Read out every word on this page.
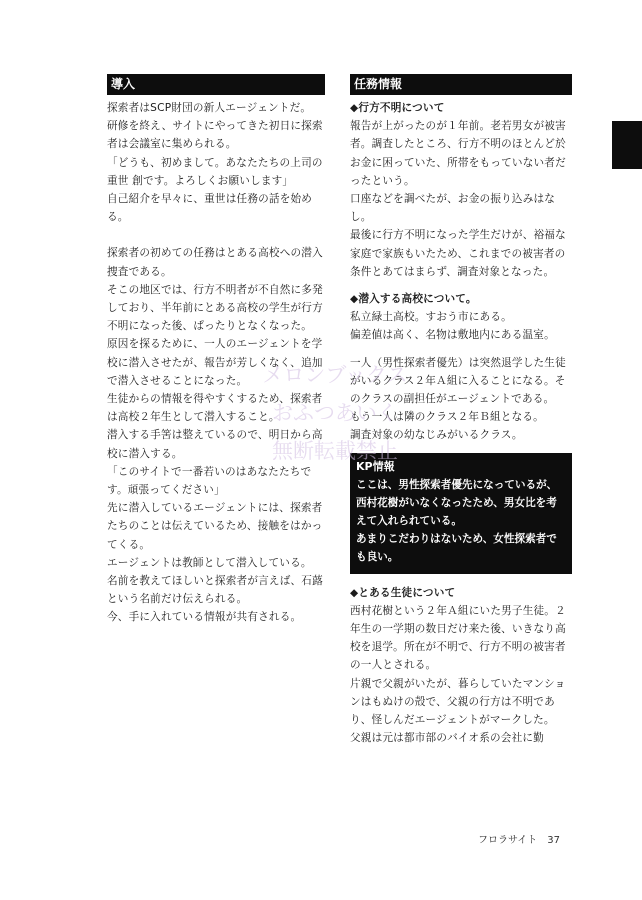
導入

探索者はSCP財団の新人エージェントだ。

研修を終え、サイトにやってきた初日に探索者は会議室に集められる。

「どうも、初めまして。あなたたちの上司の重世 創です。よろしくお願いします」

自己紹介を早々に、重世は任務の話を始める。

探索者の初めての任務はとある高校への潜入捜査である。

そこの地区では、行方不明者が不自然に多発しており、半年前にとある高校の学生が行方不明になった後、ぱったりとなくなった。

原因を探るために、一人のエージェントを学校に潜入させたが、報告が芳しくなく、追加で潜入させることになった。

生徒からの情報を得やすくするため、探索者は高校２年生として潜入すること。

潜入する手筈は整えているので、明日から高校に潜入する。

「このサイトで一番若いのはあなたたちです。頑張ってください」

先に潜入しているエージェントには、探索者たちのことは伝えているため、接触をはかってくる。

エージェントは教師として潜入している。

名前を教えてほしいと探索者が言えば、石蕗という名前だけ伝えられる。

今、手に入れている情報が共有される。

任務情報

◆行方不明について

報告が上がったのが１年前。老若男女が被害者。調査したところ、行方不明のほとんど於お金に困っていた、所帯をもっていない者だったという。

口座などを調べたが、お金の振り込みはなし。

最後に行方不明になった学生だけが、裕福な家庭で家族もいたため、これまでの被害者の条件とあてはまらず、調査対象となった。

◆潜入する高校について。

私立緑土高校。すおう市にある。

偏差値は高く、名物は敷地内にある温室。

一人（男性探索者優先）は突然退学した生徒がいるクラス２年Ａ組に入ることになる。そのクラスの副担任がエージェントである。

もう一人は隣のクラス２年Ｂ組となる。

調査対象の幼なじみがいるクラス。

KP情報
ここは、男性探索者優先になっているが、西村花樹がいなくなったため、男女比を考えて入れられている。
あまりこだわりはないため、女性探索者でも良い。

◆とある生徒について

西村花樹という２年Ａ組にいた男子生徒。２年生の一学期の数日だけ来た後、いきなり高校を退学。所在が不明で、行方不明の被害者の一人とされる。

片親で父親がいたが、暮らしていたマンションはもぬけの殻で、父親の行方は不明であり、怪しんだエージェントがマークした。

父親は元は都市部のバイオ系の会社に勤

メロンブックス
おふつあいく
無断転載禁止
フロラサイト　37
